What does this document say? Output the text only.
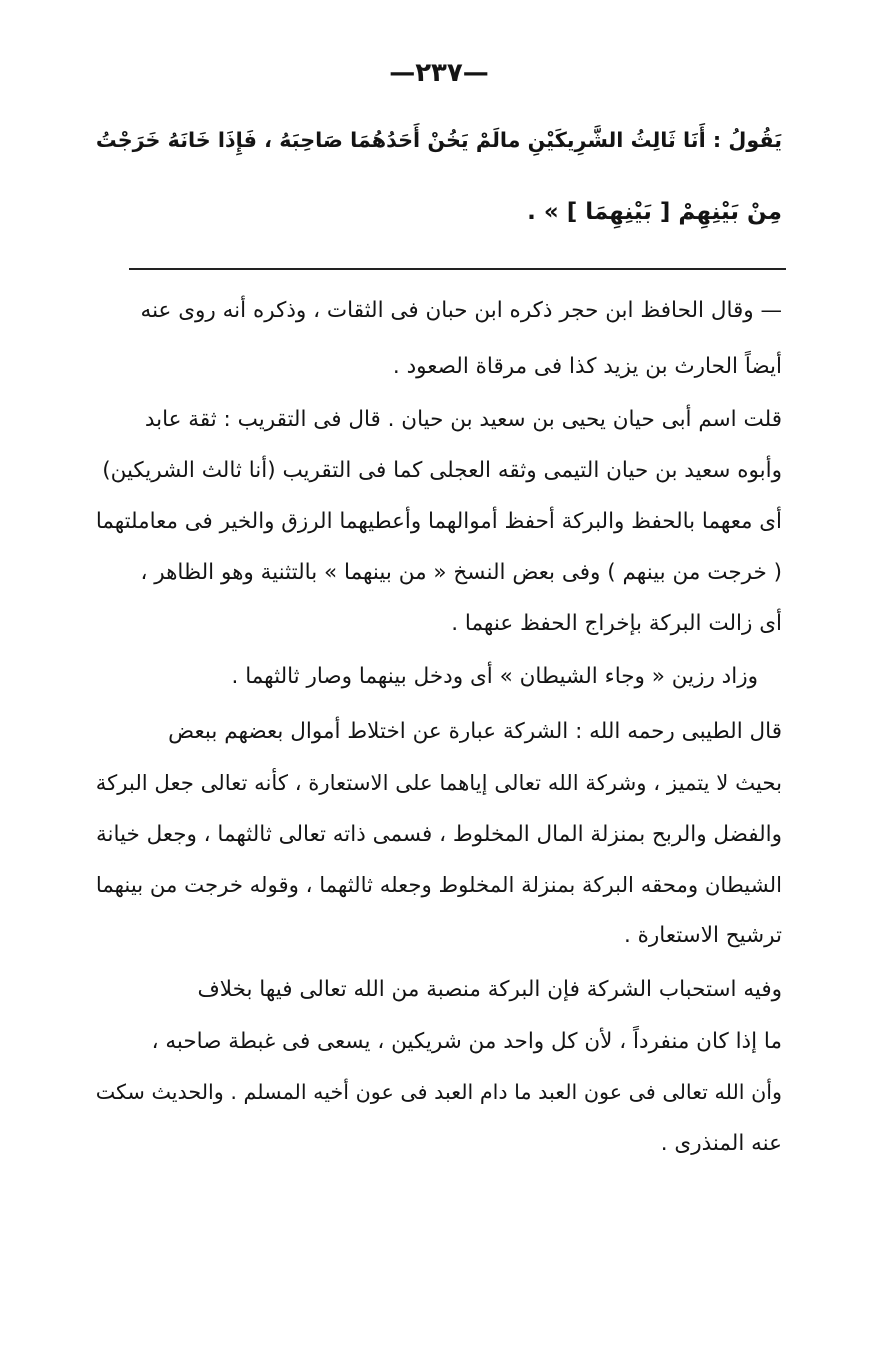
—٢٣٧—
يَقُولُ : أَنَا ثَالِثُ الشَّرِيكَيْنِ مالَمْ يَخُنْ أَحَدُهُمَا صَاحِبَهُ ، فَإِذَا خَانَهُ خَرَجْتُ
مِنْ بَيْنِهِمْ [ بَيْنِهِمَا ] » .
— وقال الحافظ ابن حجر ذكره ابن حبان فى الثقات ، وذكره أنه روى عنه
أيضاً الحارث بن يزيد كذا فى مرقاة الصعود .
قلت اسم أبى حيان يحيى بن سعيد بن حيان . قال فى التقريب : ثقة عابد
وأبوه سعيد بن حيان التيمى وثقه العجلى كما فى التقريب (أنا ثالث الشريكين)
أى معهما بالحفظ والبركة أحفظ أموالهما وأعطيهما الرزق والخير فى معاملتهما
( خرجت من بينهم ) وفى بعض النسخ « من بينهما » بالتثنية وهو الظاهر ،
أى زالت البركة بإخراج الحفظ عنهما .
وزاد رزين « وجاء الشيطان » أى ودخل بينهما وصار ثالثهما .
قال الطيبى رحمه الله : الشركة عبارة عن اختلاط أموال بعضهم ببعض
بحيث لا يتميز ، وشركة الله تعالى إياهما على الاستعارة ، كأنه تعالى جعل البركة
والفضل والربح بمنزلة المال المخلوط ، فسمى ذاته تعالى ثالثهما ، وجعل خيانة
الشيطان ومحقه البركة بمنزلة المخلوط وجعله ثالثهما ، وقوله خرجت من بينهما
ترشيح الاستعارة .
وفيه استحباب الشركة فإن البركة منصبة من الله تعالى فيها بخلاف
ما إذا كان منفرداً ، لأن كل واحد من شريكين ، يسعى فى غبطة صاحبه ،
وأن الله تعالى فى عون العبد ما دام العبد فى عون أخيه المسلم . والحديث سكت
عنه المنذرى .
